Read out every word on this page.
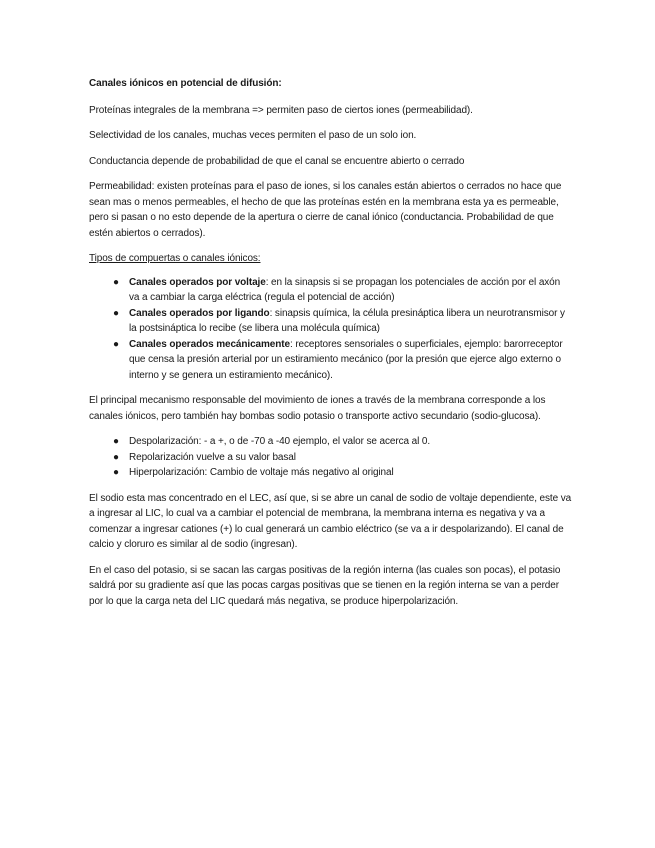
Canales iónicos en potencial de difusión:

Proteínas integrales de la membrana => permiten paso de ciertos iones (permeabilidad).

Selectividad de los canales, muchas veces permiten el paso de un solo ion.

Conductancia depende de probabilidad de que el canal se encuentre abierto o cerrado

Permeabilidad: existen proteínas para el paso de iones, si los canales están abiertos o cerrados no hace que sean mas o menos permeables, el hecho de que las proteínas estén en la membrana esta ya es permeable, pero si pasan o no esto depende de la apertura o cierre de canal iónico (conductancia. Probabilidad de que estén abiertos o cerrados).

Tipos de compuertas o canales iónicos:

● Canales operados por voltaje: en la sinapsis si se propagan los potenciales de acción por el axón va a cambiar la carga eléctrica (regula el potencial de acción)
● Canales operados por ligando: sinapsis química, la célula presináptica libera un neurotransmisor y la postsináptica lo recibe (se libera una molécula química)
● Canales operados mecánicamente: receptores sensoriales o superficiales, ejemplo: barorreceptor que censa la presión arterial por un estiramiento mecánico (por la presión que ejerce algo externo o interno y se genera un estiramiento mecánico).

El principal mecanismo responsable del movimiento de iones a través de la membrana corresponde a los canales iónicos, pero también hay bombas sodio potasio o transporte activo secundario (sodio-glucosa).

● Despolarización: - a +, o de -70 a -40 ejemplo, el valor se acerca al 0.
● Repolarización vuelve a su valor basal
● Hiperpolarización: Cambio de voltaje más negativo al original

El sodio esta mas concentrado en el LEC, así que, si se abre un canal de sodio de voltaje dependiente, este va a ingresar al LIC, lo cual va a cambiar el potencial de membrana, la membrana interna es negativa y va a comenzar a ingresar cationes (+) lo cual generará un cambio eléctrico (se va a ir despolarizando). El canal de calcio y cloruro es similar al de sodio (ingresan).

En el caso del potasio, si se sacan las cargas positivas de la región interna (las cuales son pocas), el potasio saldrá por su gradiente así que las pocas cargas positivas que se tienen en la región interna se van a perder por lo que la carga neta del LIC quedará más negativa, se produce hiperpolarización.
